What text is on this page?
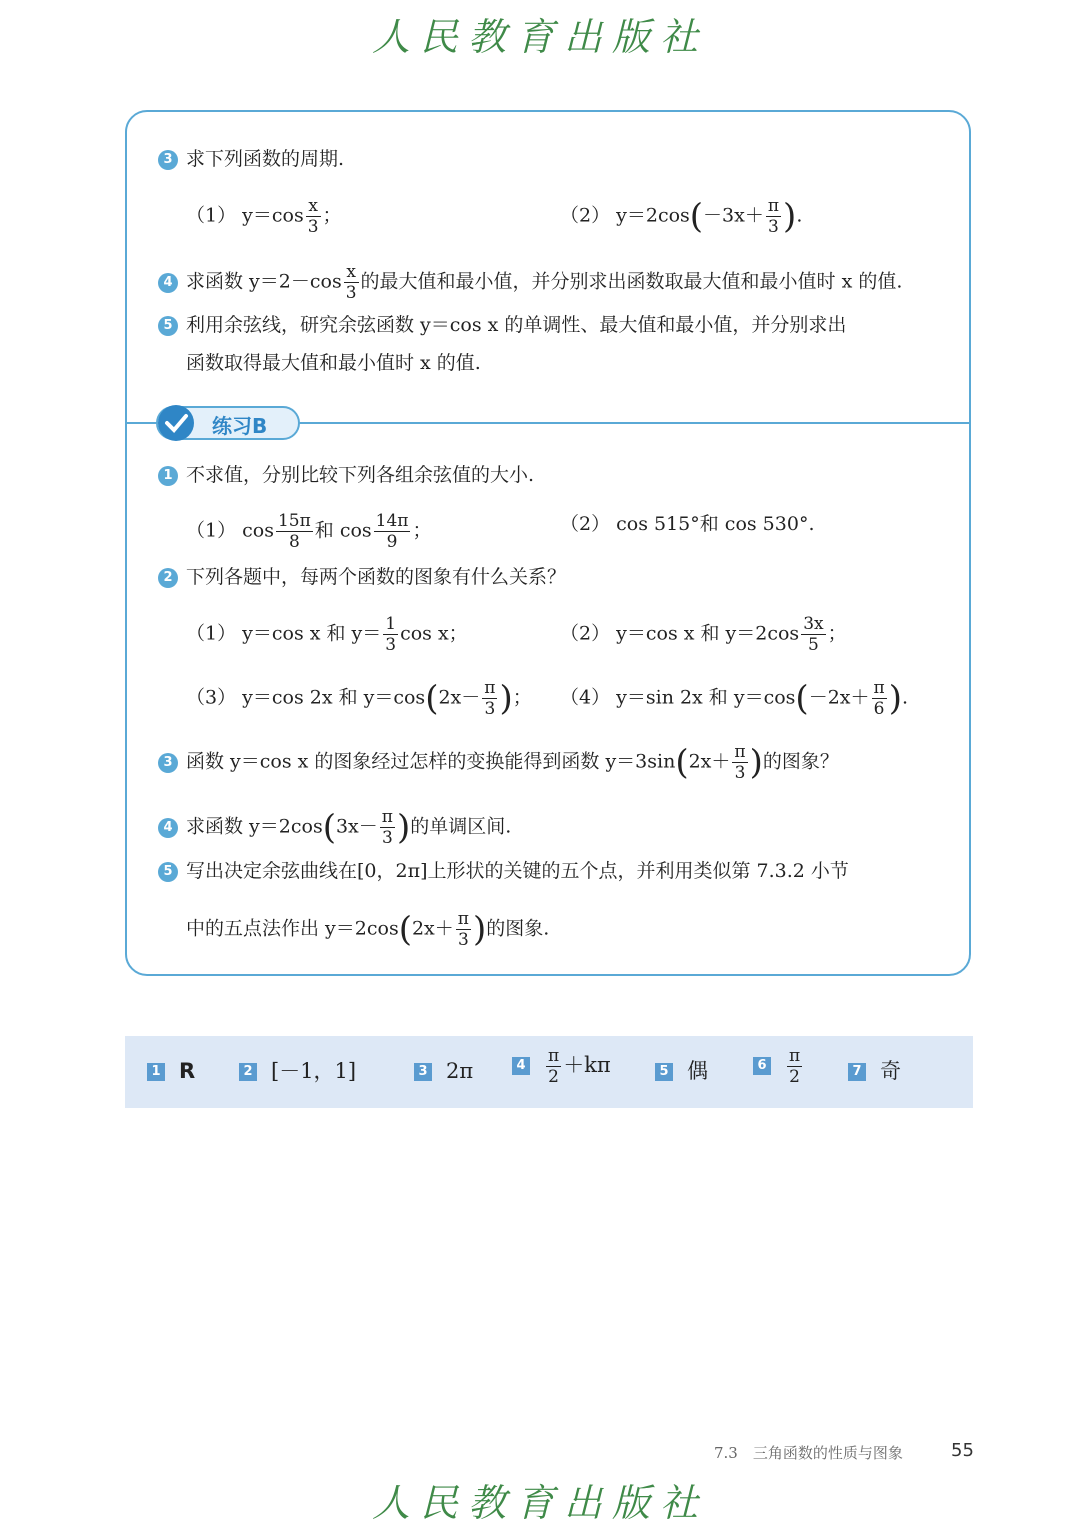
人民教育出版社
3 求下列函数的周期.
（1） $y=\cos \frac{x}{3}$ ；	（2） $y=2\cos(-3x+ \frac{\pi}{3}$ ).
4 求函数 $y=2-\cos \frac{x}{3}$ 的最大值和最小值，并分别求出函数取最大值和最小值时 x 的值.
5 利用余弦线，研究余弦函数 y＝cos x 的单调性、最大值和最小值，并分别求出
函数取得最大值和最小值时 x 的值.
练习B
1 不求值，分别比较下列各组余弦值的大小.
（1） $\cos \frac{15\pi}{8}$ 和 $\cos \frac{14\pi}{9}$ ；	（2） cos 515°和 cos 530°.
2 下列各题中，每两个函数的图象有什么关系？
（1） y＝cos x 和 $y= \frac{1}{3}$ cos x；	（2） y＝cos x 和 $y=2\cos \frac{3x}{5}$ ；
（3） y＝cos 2x 和 $y=\cos(2x- \frac{\pi}{3}$ )； （4） y＝sin 2x 和 $y=\cos(-2x+ \frac{\pi}{6}$ ).
3 函数 y＝cos x 的图象经过怎样的变换能得到函数 $y=3\sin(2x+ \frac{\pi}{3}$ )的图象？
4 求函数 $y=2\cos(3x- \frac{\pi}{3}$ )的单调区间.
5 写出决定余弦曲线在[0，2π]上形状的关键的五个点，并利用类似第 7.3.2 小节
中的五点法作出 $y=2\cos(2x+ \frac{\pi}{3}$ )的图象.
1 R	2 [－1，1]	3 2π	$4 \frac{\pi}{2} +k\pi$	5 偶	$6 \frac{\pi}{2}$	7 奇
7.3　三角函数的性质与图象	55
人民教育出版社
